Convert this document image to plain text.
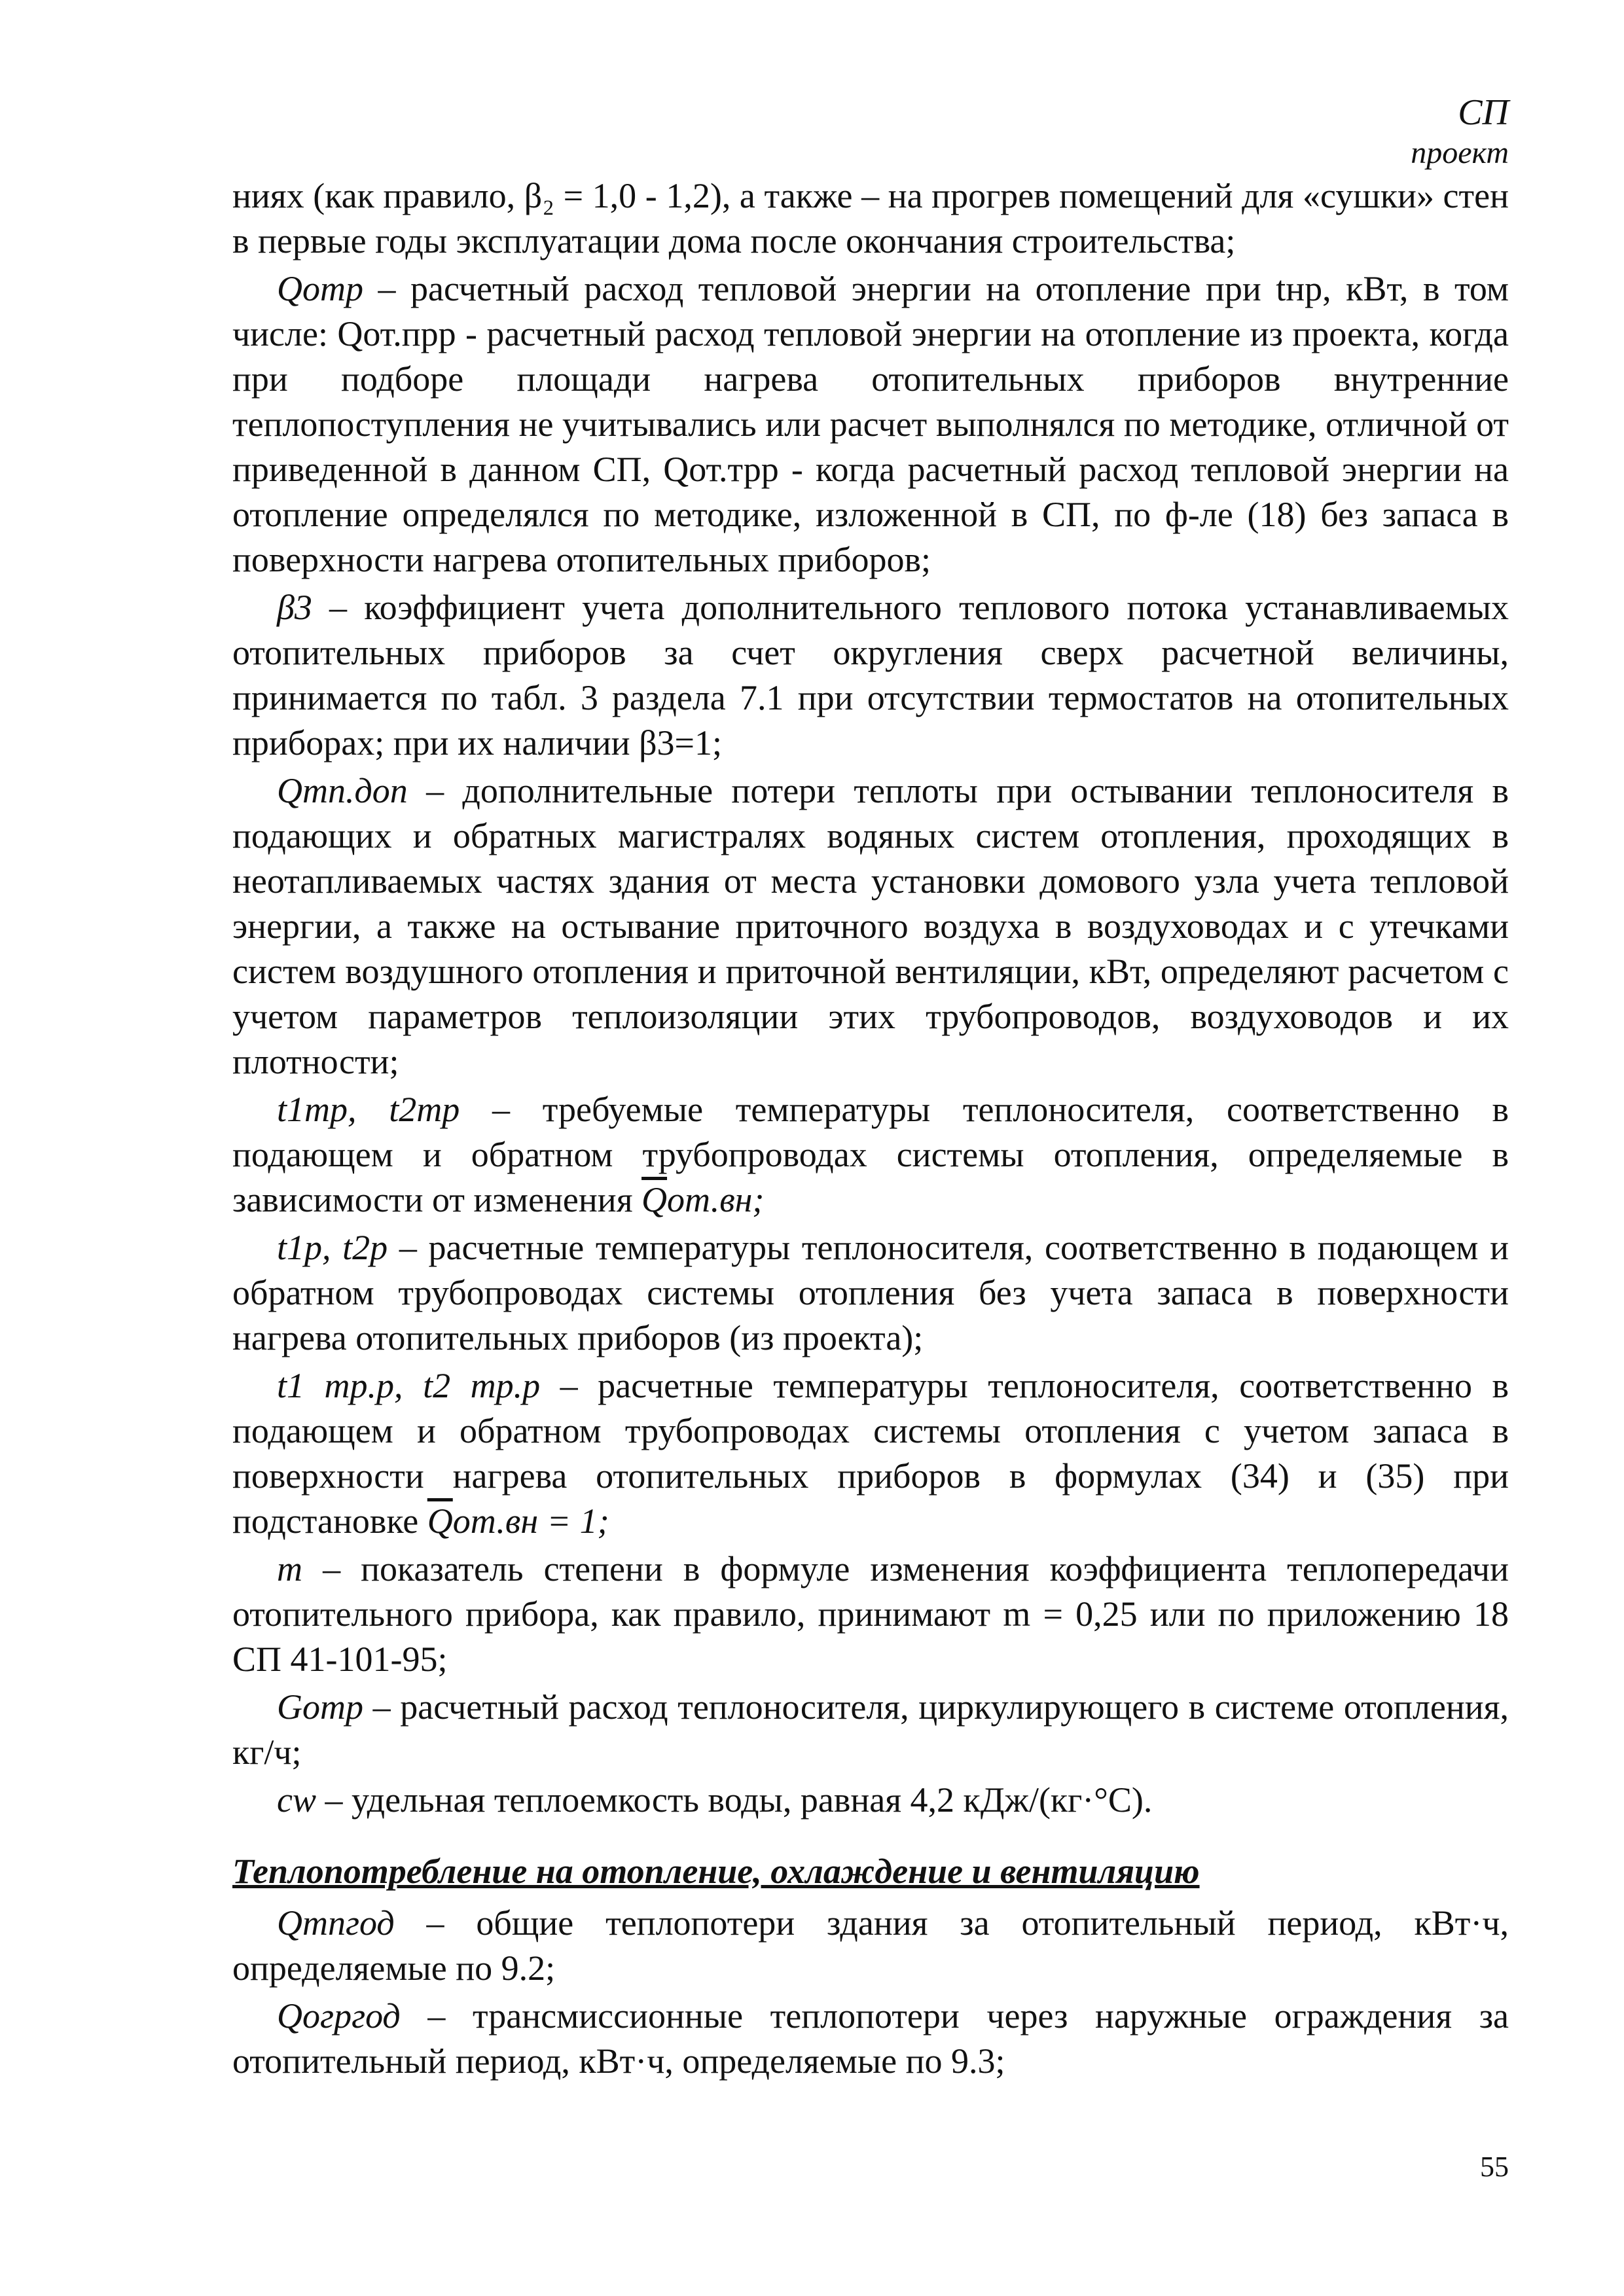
СП
проект

ниях (как правило, β₂ = 1,0 - 1,2), а также – на прогрев помещений для «сушки» стен в первые годы эксплуатации дома после окончания строительства;

Qотр – расчетный расход тепловой энергии на отопление при tнр, кВт, в том числе: Qот.прр - расчетный расход тепловой энергии на отопление из проекта, когда при подборе площади нагрева отопительных приборов внутренние теплопоступления не учитывались или расчет выполнялся по методике, отличной от приведенной в данном СП, Qот.трр - когда расчетный расход тепловой энергии на отопление определялся по методике, изложенной в СП, по ф-ле (18) без запаса в поверхности нагрева отопительных приборов;

β3 – коэффициент учета дополнительного теплового потока устанавливаемых отопительных приборов за счет округления сверх расчетной величины, принимается по табл. 3 раздела 7.1 при отсутствии термостатов на отопительных приборах; при их наличии β3=1;

Qтп.доп – дополнительные потери теплоты при остывании теплоносителя в подающих и обратных магистралях водяных систем отопления, проходящих в неотапливаемых частях здания от места установки домового узла учета тепловой энергии, а также на остывание приточного воздуха в воздуховодах и с утечками систем воздушного отопления и приточной вентиляции, кВт, определяют расчетом с учетом параметров теплоизоляции этих трубопроводов, воздуховодов и их плотности;

t1тр, t2тр – требуемые температуры теплоносителя, соответственно в подающем и обратном трубопроводах системы отопления, определяемые в зависимости от изменения $\overline{Q}от.вн$;

t1р, t2р – расчетные температуры теплоносителя, соответственно в подающем и обратном трубопроводах системы отопления без учета запаса в поверхности нагрева отопительных приборов (из проекта);

t1 тр.р, t2 тр.р – расчетные температуры теплоносителя, соответственно в подающем и обратном трубопроводах системы отопления с учетом запаса в поверхности нагрева отопительных приборов в формулах (34) и (35) при подстановке $\overline{Q}от.вн = 1$;

m – показатель степени в формуле изменения коэффициента теплопередачи отопительного прибора, как правило, принимают m = 0,25 или по приложению 18 СП 41-101-95;

Gотр – расчетный расход теплоносителя, циркулирующего в системе отопления, кг/ч;

cw – удельная теплоемкость воды, равная 4,2 кДж/(кг·°С).

Теплопотребление на отопление, охлаждение и вентиляцию

Qтпгод – общие теплопотери здания за отопительный период, кВт·ч, определяемые по 9.2;

Qогргод – трансмиссионные теплопотери через наружные ограждения за отопительный период, кВт·ч, определяемые по 9.3;

55
